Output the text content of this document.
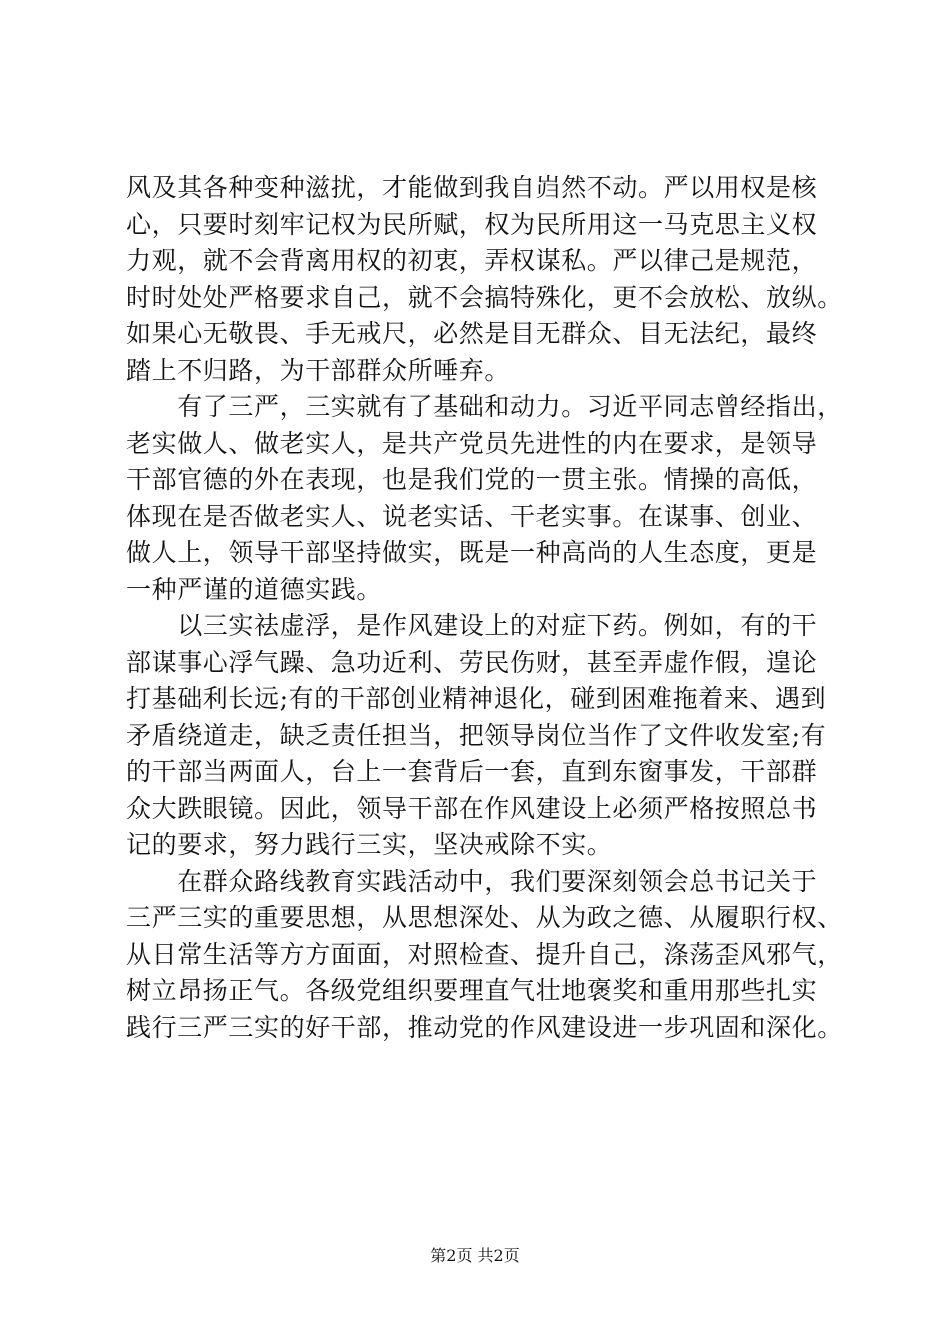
风及其各种变种滋扰，才能做到我自岿然不动。严以用权是核
心，只要时刻牢记权为民所赋，权为民所用这一马克思主义权
力观，就不会背离用权的初衷，弄权谋私。严以律己是规范，
时时处处严格要求自己，就不会搞特殊化，更不会放松、放纵。
如果心无敬畏、手无戒尺，必然是目无群众、目无法纪，最终
踏上不归路，为干部群众所唾弃。
　　有了三严，三实就有了基础和动力。习近平同志曾经指出，
老实做人、做老实人，是共产党员先进性的内在要求，是领导
干部官德的外在表现，也是我们党的一贯主张。情操的高低，
体现在是否做老实人、说老实话、干老实事。在谋事、创业、
做人上，领导干部坚持做实，既是一种高尚的人生态度，更是
一种严谨的道德实践。
　　以三实祛虚浮，是作风建设上的对症下药。例如，有的干
部谋事心浮气躁、急功近利、劳民伤财，甚至弄虚作假，遑论
打基础利长远;有的干部创业精神退化，碰到困难拖着来、遇到
矛盾绕道走，缺乏责任担当，把领导岗位当作了文件收发室;有
的干部当两面人，台上一套背后一套，直到东窗事发，干部群
众大跌眼镜。因此，领导干部在作风建设上必须严格按照总书
记的要求，努力践行三实，坚决戒除不实。
　　在群众路线教育实践活动中，我们要深刻领会总书记关于
三严三实的重要思想，从思想深处、从为政之德、从履职行权、
从日常生活等方方面面，对照检查、提升自己，涤荡歪风邪气，
树立昂扬正气。各级党组织要理直气壮地褒奖和重用那些扎实
践行三严三实的好干部，推动党的作风建设进一步巩固和深化。
第2页 共2页
